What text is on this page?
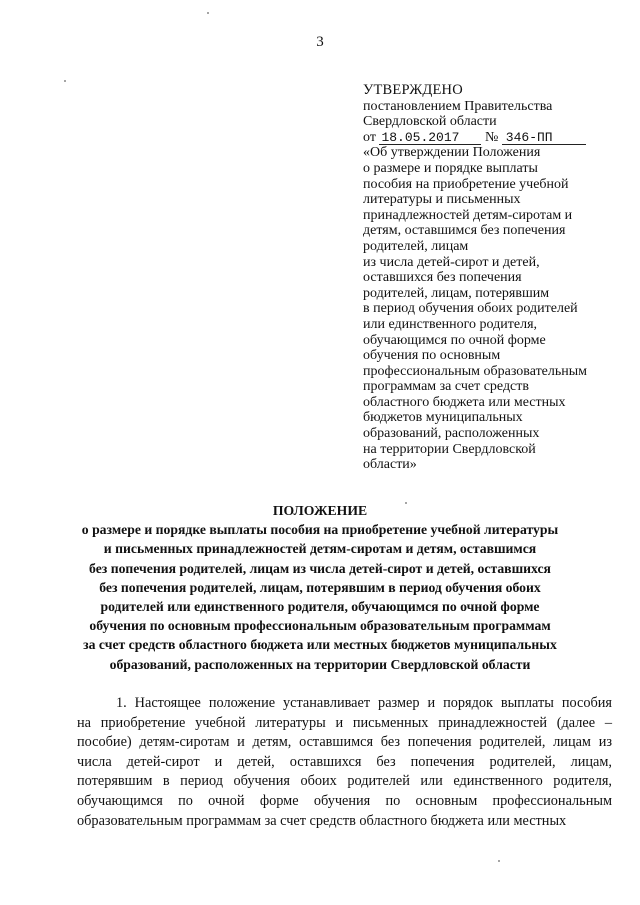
3
УТВЕРЖДЕНО
постановлением Правительства
Свердловской области
от 18.05.2017 № 346-ПП
«Об утверждении Положения
о размере и порядке выплаты
пособия на приобретение учебной
литературы и письменных
принадлежностей детям-сиротам и
детям, оставшимся без попечения
родителей, лицам
из числа детей-сирот и детей,
оставшихся без попечения
родителей, лицам, потерявшим
в период обучения обоих родителей
или единственного родителя,
обучающимся по очной форме
обучения по основным
профессиональным образовательным
программам за счет средств
областного бюджета или местных
бюджетов муниципальных
образований, расположенных
на территории Свердловской
области»
ПОЛОЖЕНИЕ
о размере и порядке выплаты пособия на приобретение учебной литературы
и письменных принадлежностей детям-сиротам и детям, оставшимся
без попечения родителей, лицам из числа детей-сирот и детей, оставшихся
без попечения родителей, лицам, потерявшим в период обучения обоих
родителей или единственного родителя, обучающимся по очной форме
обучения по основным профессиональным образовательным программам
за счет средств областного бюджета или местных бюджетов муниципальных
образований, расположенных на территории Свердловской области
1. Настоящее положение устанавливает размер и порядок выплаты пособия
на приобретение учебной литературы и письменных принадлежностей (далее –
пособие) детям-сиротам и детям, оставшимся без попечения родителей, лицам из
числа детей-сирот и детей, оставшихся без попечения родителей, лицам,
потерявшим в период обучения обоих родителей или единственного родителя,
обучающимся по очной форме обучения по основным профессиональным
образовательным программам за счет средств областного бюджета или местных
